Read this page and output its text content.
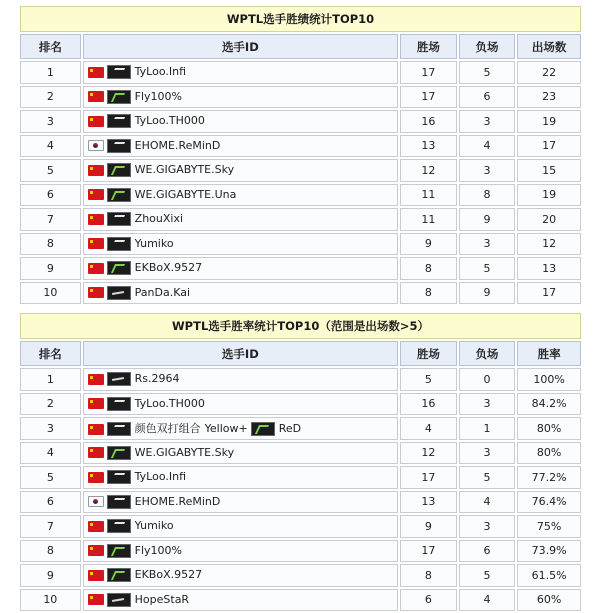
WPTL选手胜绩统计TOP10				
排名	选手ID	胜场	负场	出场数
1	TyLoo.Infi	17	5	22
2	Fly100%	17	6	23
3	TyLoo.TH000	16	3	19
4	EHOME.ReMinD	13	4	17
5	WE.GIGABYTE.Sky	12	3	15
6	WE.GIGABYTE.Una	11	8	19
7	ZhouXixi	11	9	20
8	Yumiko	9	3	12
9	EKBoX.9527	8	5	13
10	PanDa.Kai	8	9	17
WPTL选手胜率统计TOP10（范围是出场数>5）				
排名	选手ID	胜场	负场	胜率
1	Rs.2964	5	0	100%
2	TyLoo.TH000	16	3	84.2%
3	颜色双打组合 Yellow+ ReD	4	1	80%
4	WE.GIGABYTE.Sky	12	3	80%
5	TyLoo.Infi	17	5	77.2%
6	EHOME.ReMinD	13	4	76.4%
7	Yumiko	9	3	75%
8	Fly100%	17	6	73.9%
9	EKBoX.9527	8	5	61.5%
10	HopeStaR	6	4	60%
